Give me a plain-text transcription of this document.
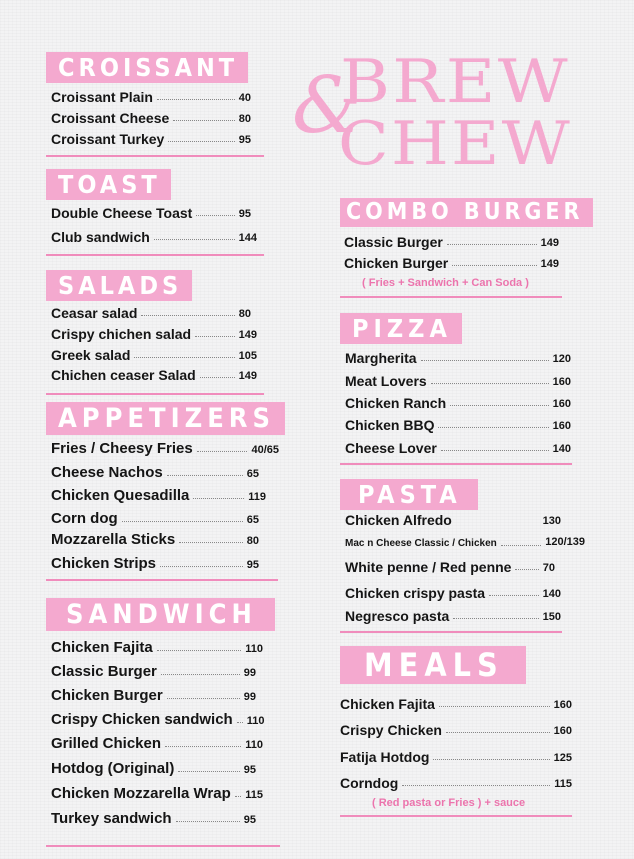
&
BREW
CHEW
CROISSANT
Croissant Plain	40
Croissant Cheese	80
Croissant Turkey	95
TOAST
Double Cheese Toast	95
Club sandwich	144
SALADS
Ceasar salad	80
Crispy chichen salad	149
Greek salad	105
Chichen ceaser Salad	149
APPETIZERS
Fries / Cheesy Fries	40/65
Cheese Nachos	65
Chicken Quesadilla	119
Corn dog	65
Mozzarella Sticks	80
Chicken Strips	95
SANDWICH
Chicken Fajita	110
Classic Burger	99
Chicken Burger	99
Crispy Chicken sandwich 110
Grilled Chicken	110
Hotdog (Original)	95
Chicken Mozzarella Wrap 115
Turkey sandwich	95
COMBO BURGER
Classic Burger	149
Chicken Burger	149
( Fries + Sandwich + Can Soda )
PIZZA
Margherita	120
Meat Lovers	160
Chicken Ranch	160
Chicken BBQ	160
Cheese Lover	140
PASTA
Chicken Alfredo	130
Mac n Cheese Classic / Chicken	120/139
White penne / Red penne	70
Chicken crispy pasta	140
Negresco pasta	150
MEALS
Chicken Fajita	160
Crispy Chicken	160
Fatija Hotdog	125
Corndog	115
( Red pasta or Fries ) + sauce
